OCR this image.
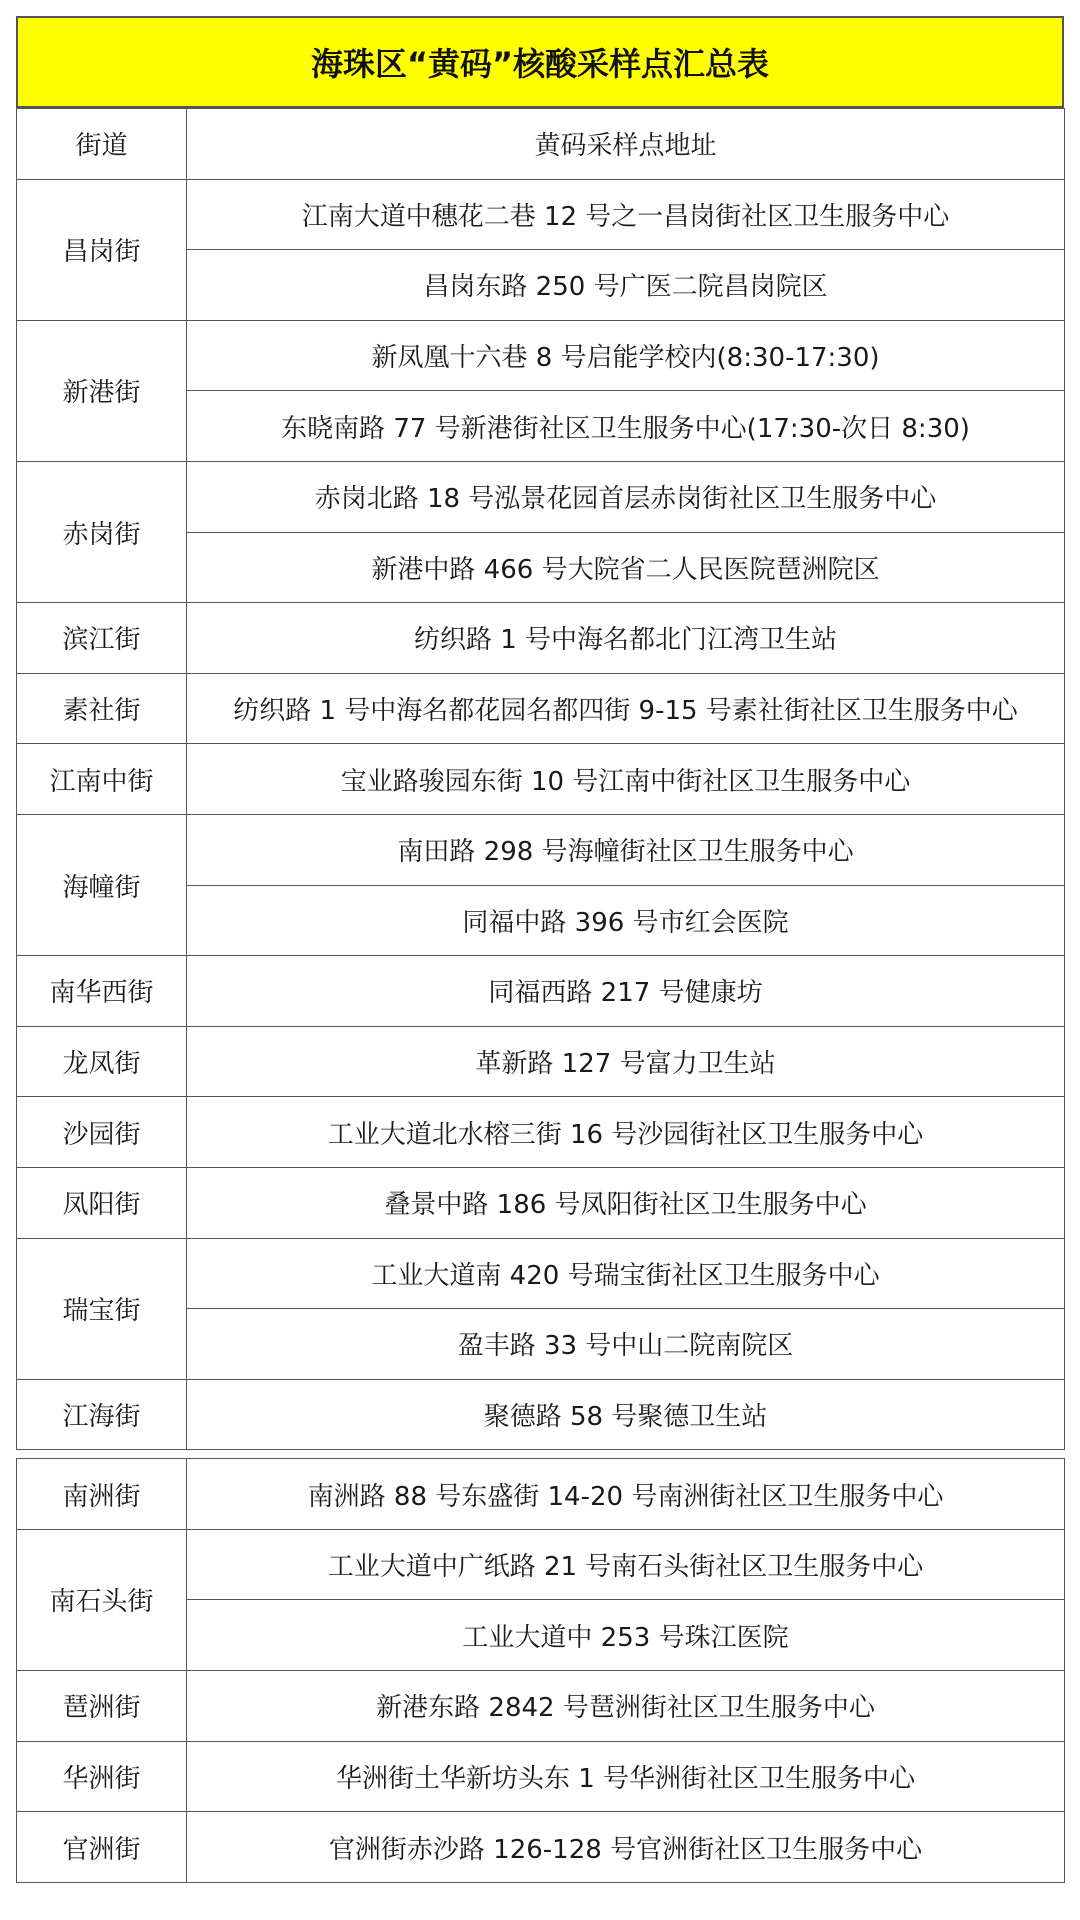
海珠区“黄码”核酸采样点汇总表
街道	黄码采样点地址
昌岗街	江南大道中穗花二巷 12 号之一昌岗街社区卫生服务中心
	昌岗东路 250 号广医二院昌岗院区
新港街	新凤凰十六巷 8 号启能学校内(8:30-17:30)
	东晓南路 77 号新港街社区卫生服务中心(17:30-次日 8:30)
赤岗街	赤岗北路 18 号泓景花园首层赤岗街社区卫生服务中心
	新港中路 466 号大院省二人民医院琶洲院区
滨江街	纺织路 1 号中海名都北门江湾卫生站
素社街	纺织路 1 号中海名都花园名都四街 9-15 号素社街社区卫生服务中心
江南中街	宝业路骏园东街 10 号江南中街社区卫生服务中心
海幢街	南田路 298 号海幢街社区卫生服务中心
	同福中路 396 号市红会医院
南华西街	同福西路 217 号健康坊
龙凤街	革新路 127 号富力卫生站
沙园街	工业大道北水榕三街 16 号沙园街社区卫生服务中心
凤阳街	叠景中路 186 号凤阳街社区卫生服务中心
瑞宝街	工业大道南 420 号瑞宝街社区卫生服务中心
	盈丰路 33 号中山二院南院区
江海街	聚德路 58 号聚德卫生站
南洲街	南洲路 88 号东盛街 14-20 号南洲街社区卫生服务中心
南石头街	工业大道中广纸路 21 号南石头街社区卫生服务中心
	工业大道中 253 号珠江医院
琶洲街	新港东路 2842 号琶洲街社区卫生服务中心
华洲街	华洲街土华新坊头东 1 号华洲街社区卫生服务中心
官洲街	官洲街赤沙路 126-128 号官洲街社区卫生服务中心
